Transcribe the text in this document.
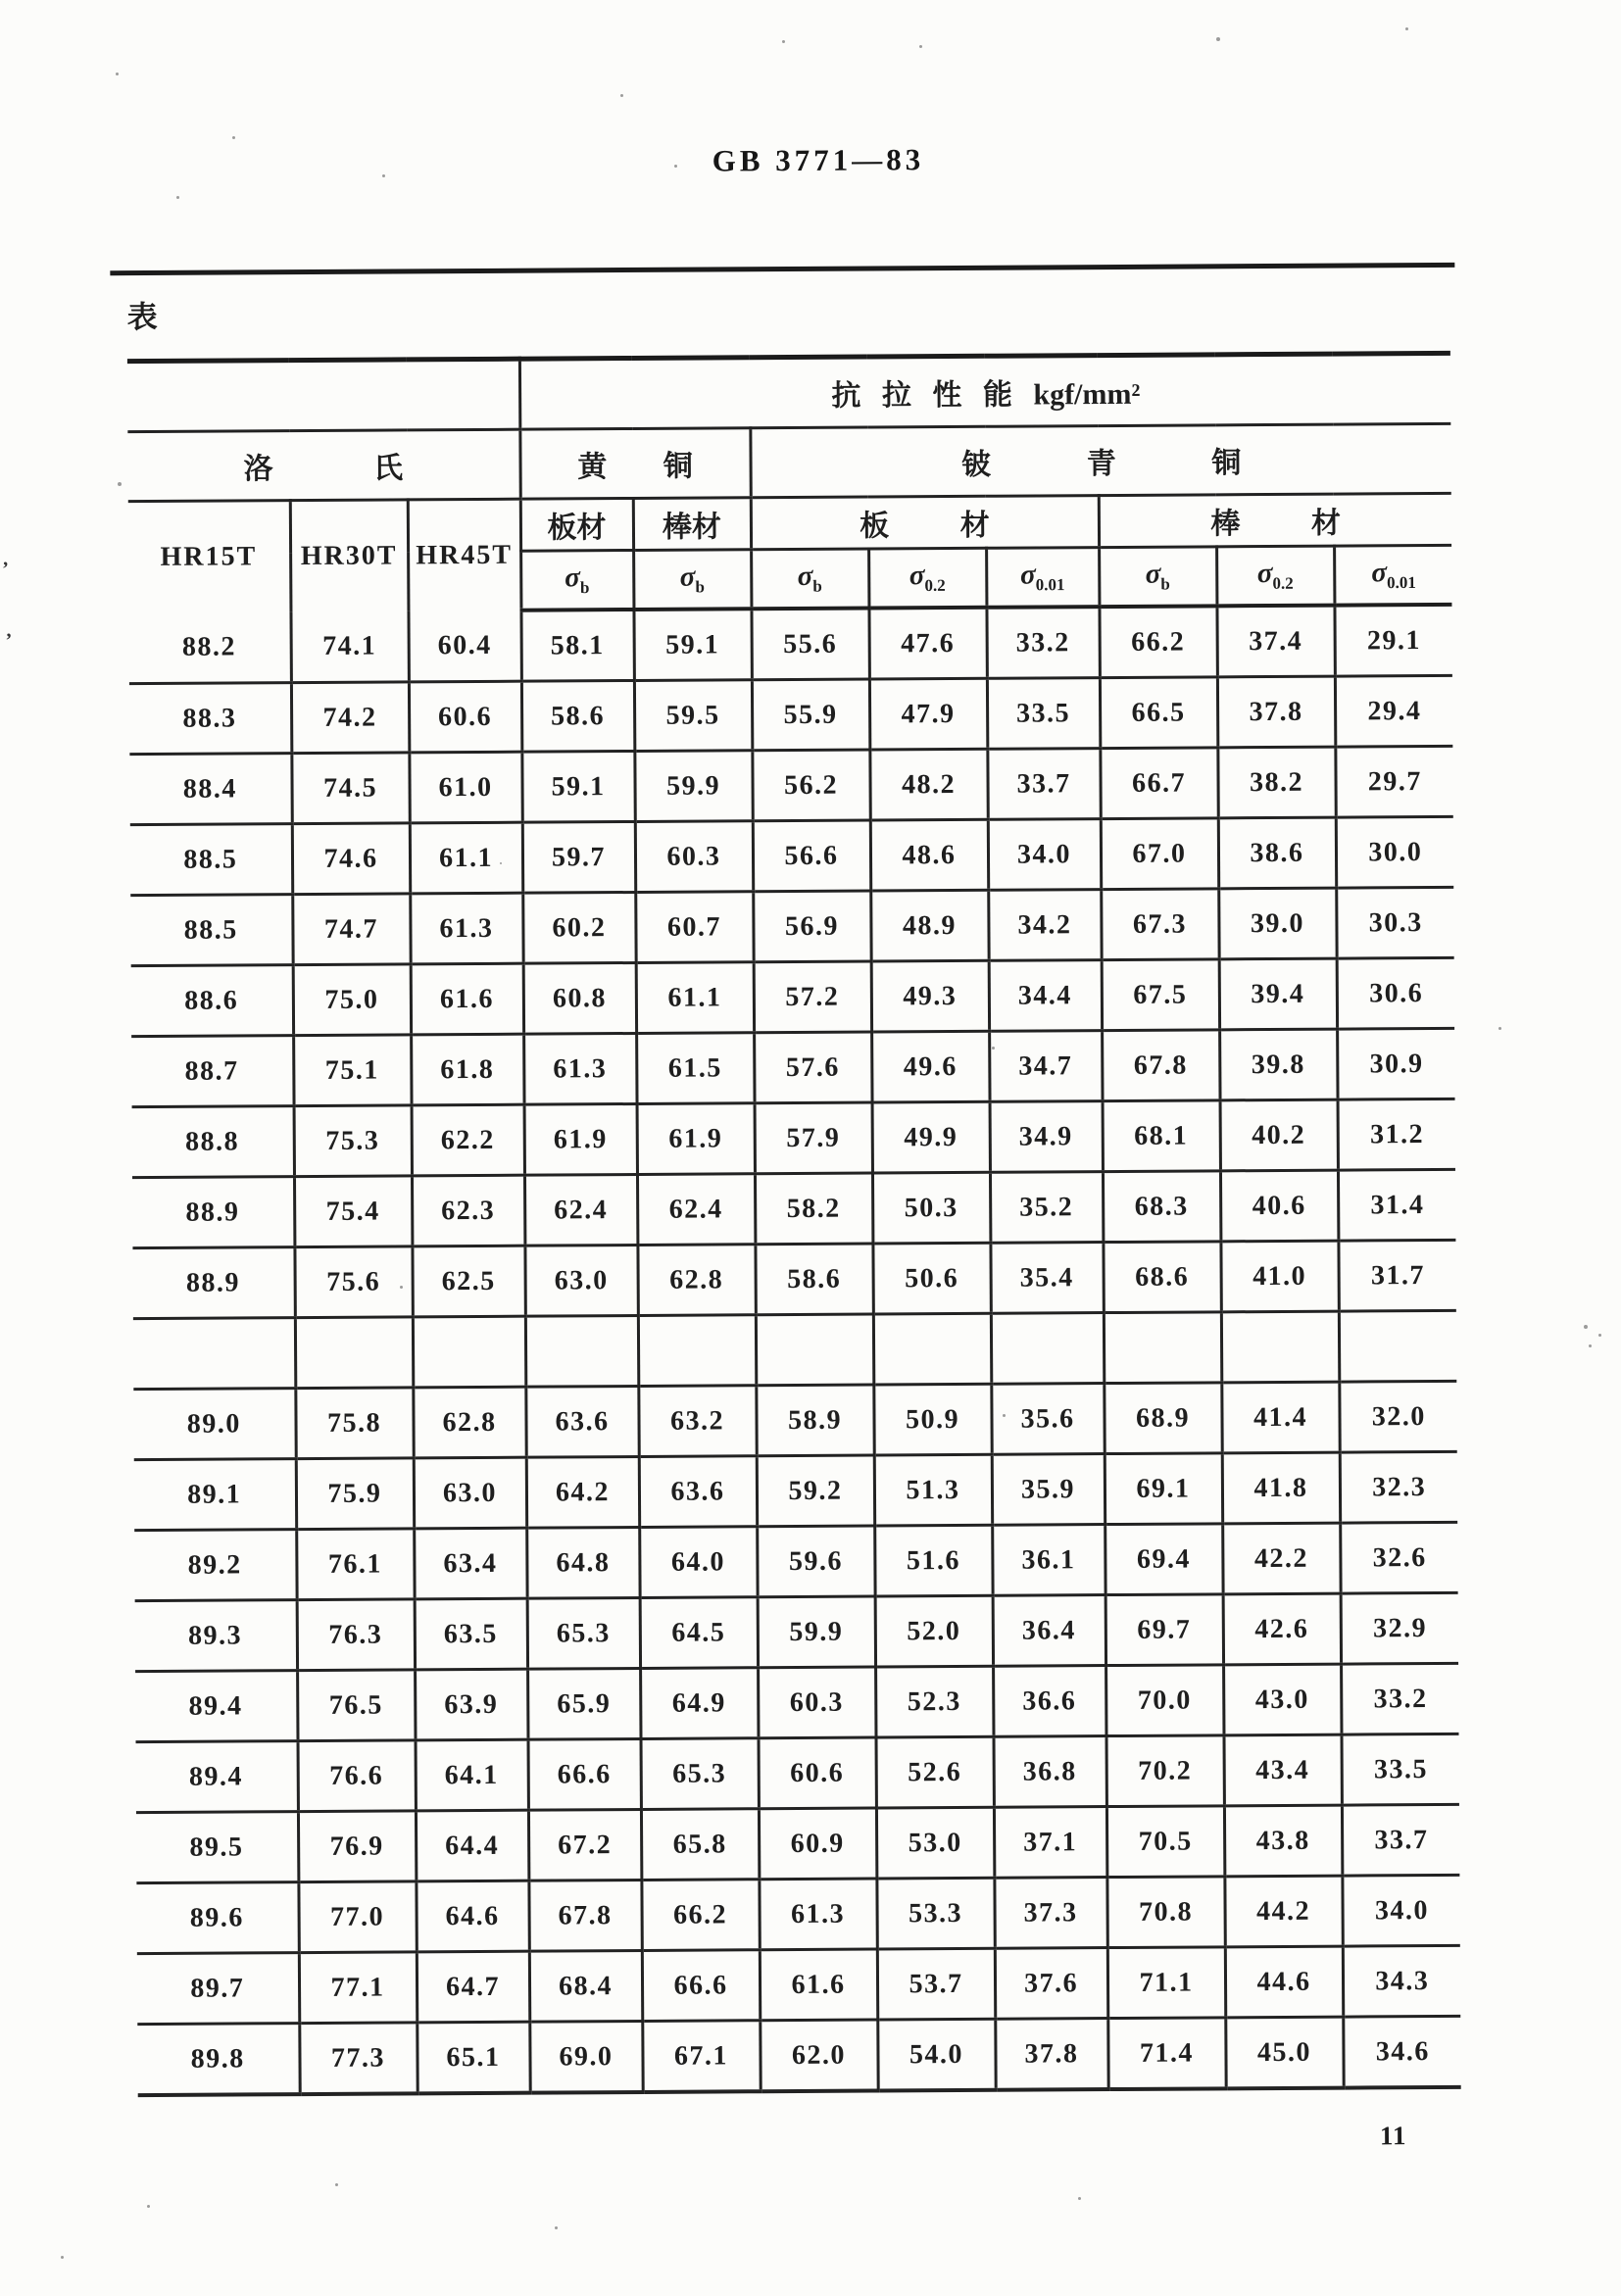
GB 3771—83
表
			抗 拉 性 能 kgf/mm²							
洛 氏			黄 铜		铍 青 铜					
HR15T	HR30T	HR45T	板材	棒材	板 材			棒 材		
			$\sigma_b$	$\sigma_b$	$\sigma_b$	$\sigma_{0.2}$	$\sigma_{0.01}$	$\sigma_b$	$\sigma_{0.2}$	$\sigma_{0.01}$
88.2	74.1	60.4	58.1	59.1	55.6	47.6	33.2	66.2	37.4	29.1
88.3	74.2	60.6	58.6	59.5	55.9	47.9	33.5	66.5	37.8	29.4
88.4	74.5	61.0	59.1	59.9	56.2	48.2	33.7	66.7	38.2	29.7
88.5	74.6	61.1	59.7	60.3	56.6	48.6	34.0	67.0	38.6	30.0
88.5	74.7	61.3	60.2	60.7	56.9	48.9	34.2	67.3	39.0	30.3
88.6	75.0	61.6	60.8	61.1	57.2	49.3	34.4	67.5	39.4	30.6
88.7	75.1	61.8	61.3	61.5	57.6	49.6	34.7	67.8	39.8	30.9
88.8	75.3	62.2	61.9	61.9	57.9	49.9	34.9	68.1	40.2	31.2
88.9	75.4	62.3	62.4	62.4	58.2	50.3	35.2	68.3	40.6	31.4
88.9	75.6	62.5	63.0	62.8	58.6	50.6	35.4	68.6	41.0	31.7

89.0	75.8	62.8	63.6	63.2	58.9	50.9	35.6	68.9	41.4	32.0
89.1	75.9	63.0	64.2	63.6	59.2	51.3	35.9	69.1	41.8	32.3
89.2	76.1	63.4	64.8	64.0	59.6	51.6	36.1	69.4	42.2	32.6
89.3	76.3	63.5	65.3	64.5	59.9	52.0	36.4	69.7	42.6	32.9
89.4	76.5	63.9	65.9	64.9	60.3	52.3	36.6	70.0	43.0	33.2
89.4	76.6	64.1	66.6	65.3	60.6	52.6	36.8	70.2	43.4	33.5
89.5	76.9	64.4	67.2	65.8	60.9	53.0	37.1	70.5	43.8	33.7
89.6	77.0	64.6	67.8	66.2	61.3	53.3	37.3	70.8	44.2	34.0
89.7	77.1	64.7	68.4	66.6	61.6	53.7	37.6	71.1	44.6	34.3
89.8	77.3	65.1	69.0	67.1	62.0	54.0	37.8	71.4	45.0	34.6
11
ʼ
ʼ
